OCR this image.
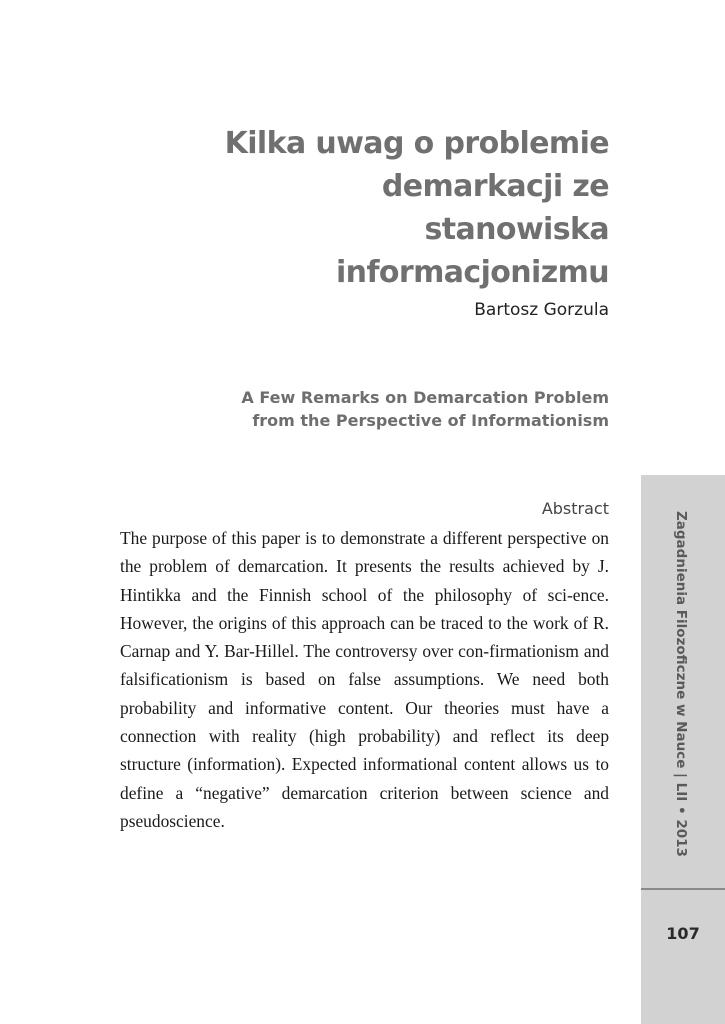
Kilka uwag o problemie
demarkacji ze stanowiska
informacjonizmu
Bartosz Gorzula
A Few Remarks on Demarcation Problem
from the Perspective of Informationism
Abstract

The purpose of this paper is to demonstrate a different perspective on the problem of demarcation. It presents the results achieved by J. Hintikka and the Finnish school of the philosophy of sci-ence. However, the origins of this approach can be traced to the work of R. Carnap and Y. Bar-Hillel. The controversy over con-firmationism and falsificationism is based on false assumptions. We need both probability and informative content. Our theories must have a connection with reality (high probability) and reflect its deep structure (information). Expected informational content allows us to define a “negative” demarcation criterion between science and pseudoscience.	Zagadnienia Filozoficzne w Nauce | LII • 2013
107
